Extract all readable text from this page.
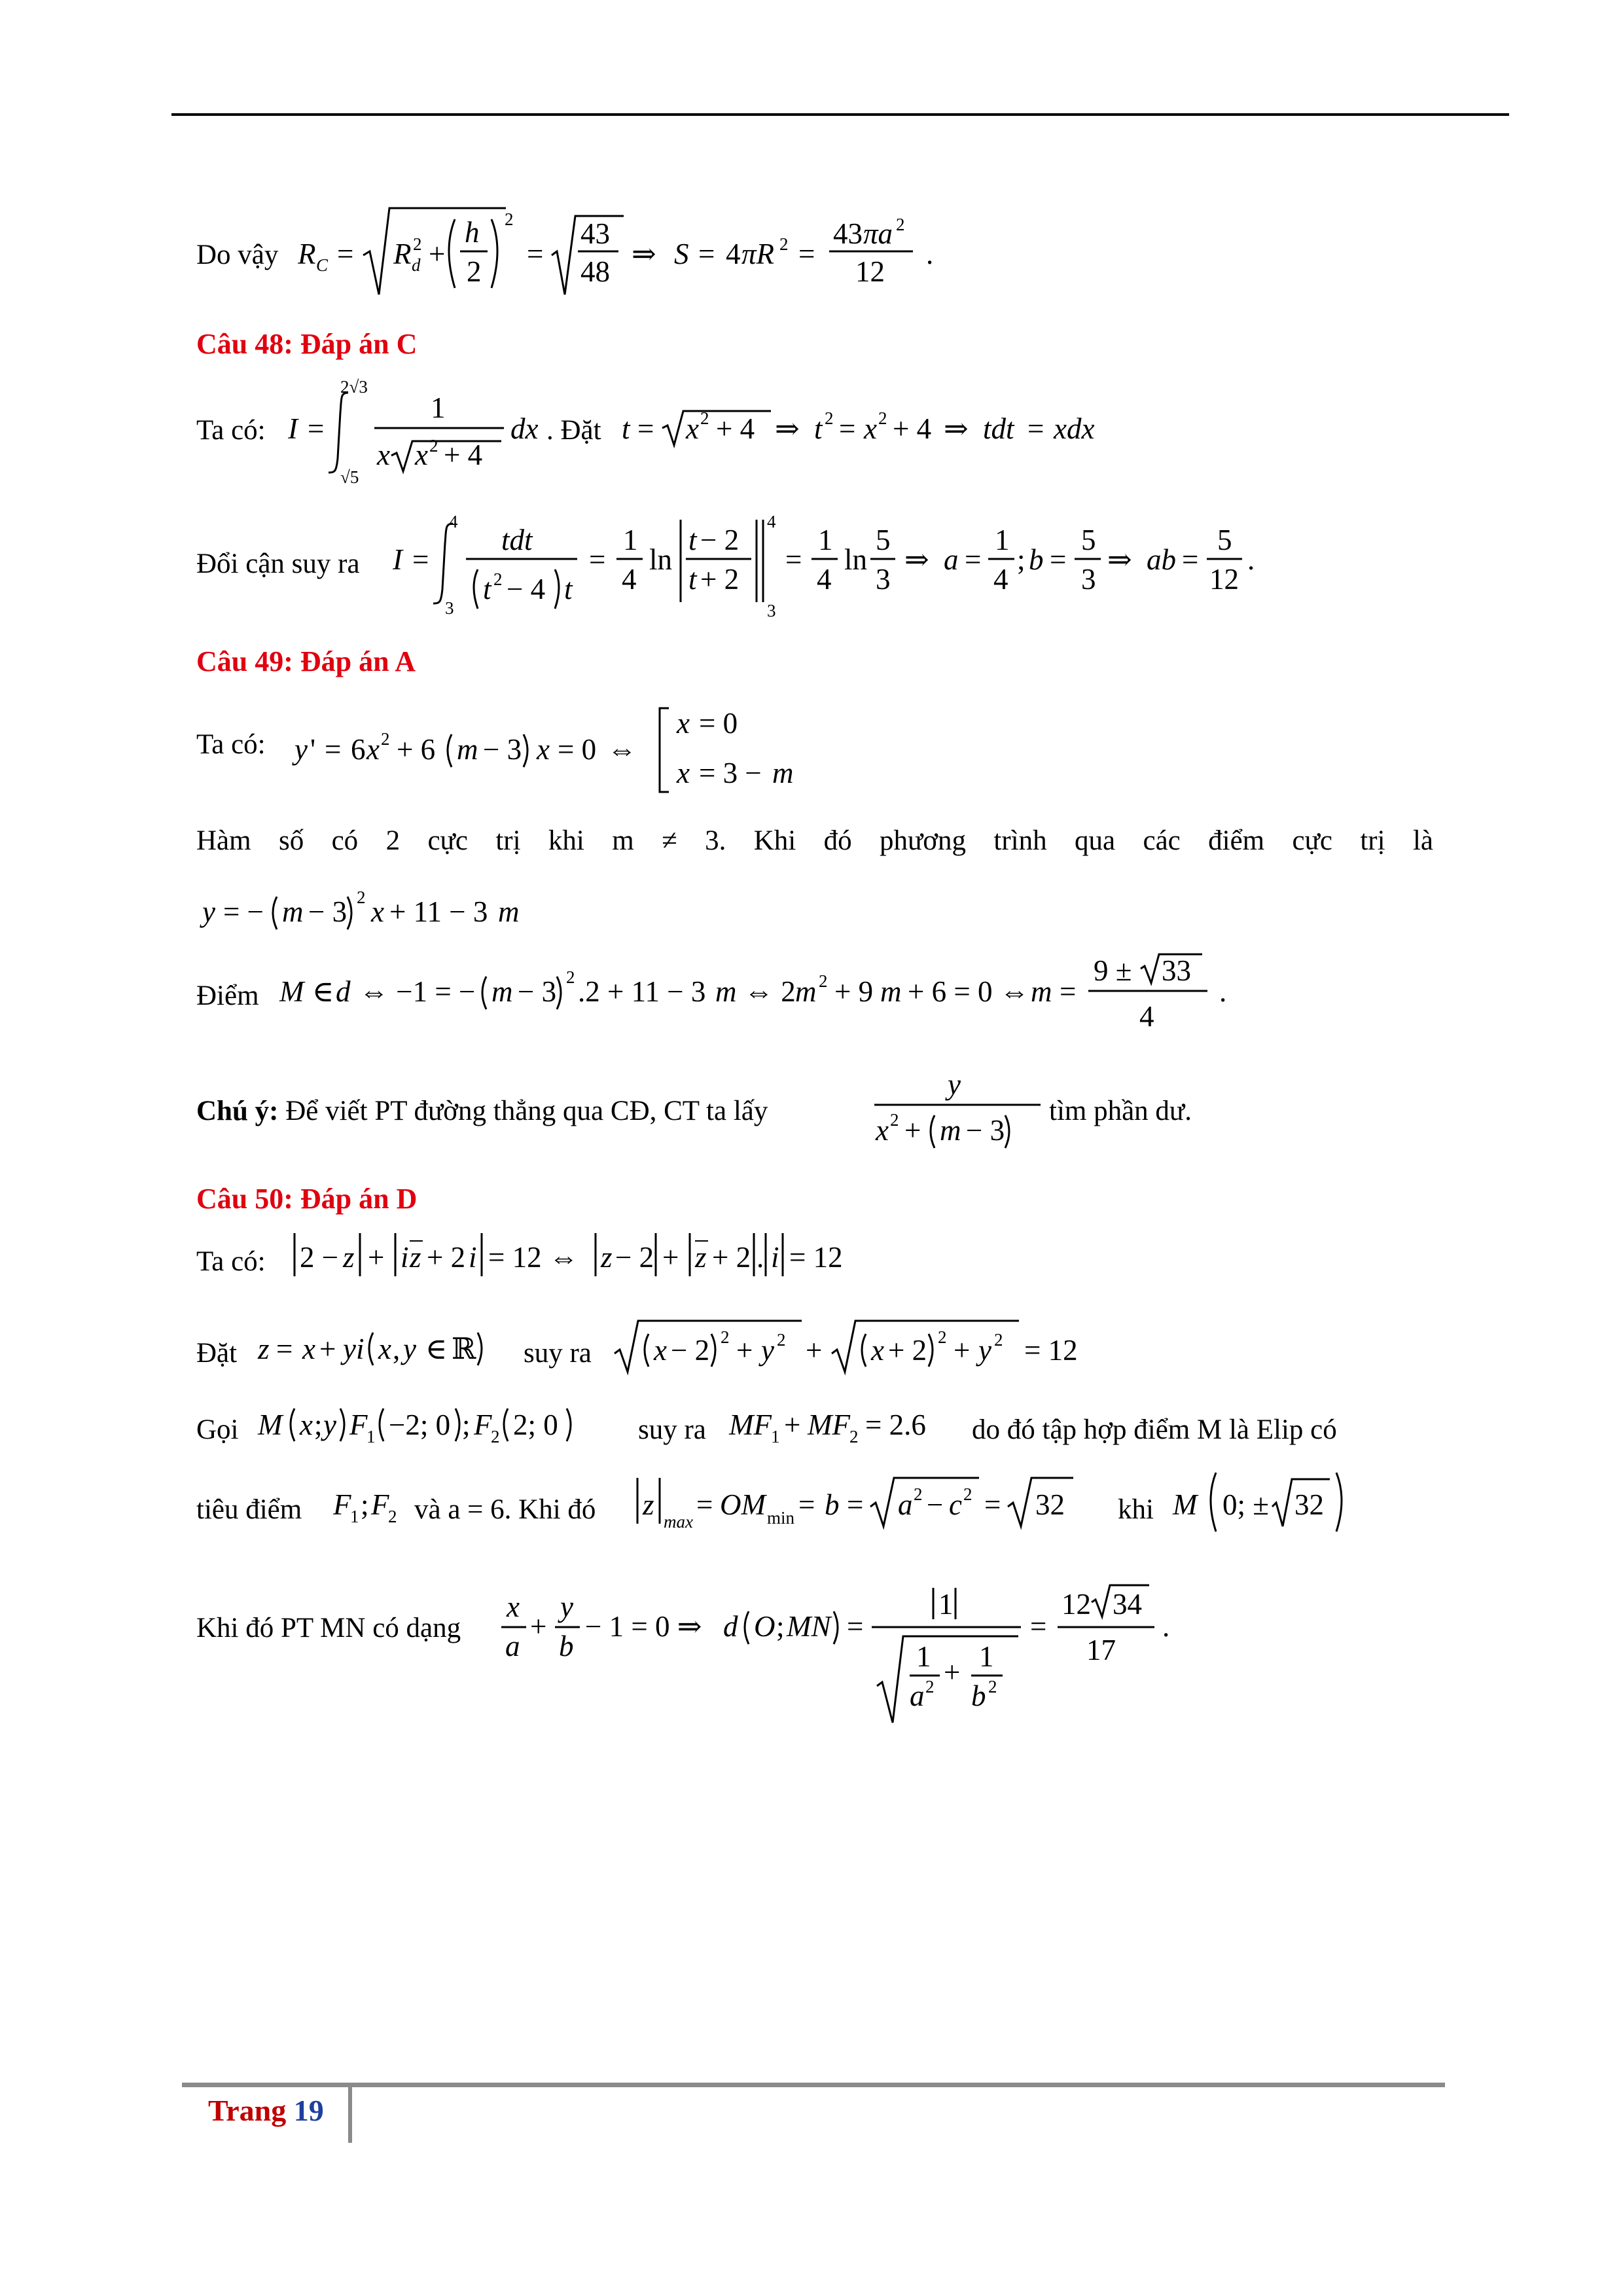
Do vậy R C = R 2
d +
h
2
2
=
43
48
⇒ S = 4 πR 2 =
43 πa 2
12
.
Câu 48: Đáp án C
Ta có: I =
2√3
√5
1
x x 2 + 4
dx . Đặt t = x 2 + 4 ⇒ t 2 = x 2 + 4 ⇒ tdt = xdx
Đổi cận suy ra I =
4
3
tdt
t 2 − 4 t
=
1
4
ln
t − 2
t + 2
4
3
=
1
4
ln
5
3
⇒ a =
1
4
; b =
5
3
⇒ ab =
5
12
.
Câu 49: Đáp án A
Ta có: y ' = 6 x 2 + 6 m − 3 x = 0 ⇔
x = 0
x = 3 − m
Hàm số có 2 cực trị khi m ≠ 3. Khi đó phương trình qua các điểm cực trị là
y = − m − 3 2 x + 11 − 3 m
Điểm M ∈ d ⇔ −1 = − m − 3 2 .2 + 11 − 3 m ⇔ 2 m 2 + 9 m + 6 = 0 ⇔ m =
9 ± 33
4
.
Chú ý: Để viết PT đường thẳng qua CĐ, CT ta lấy
y
x 2 + m − 3
tìm phần dư.
Câu 50: Đáp án D
Ta có: 2 − z + i z + 2 i = 12 ⇔ z − 2 + z + 2 . i = 12
Đặt z = x + yi x , y ∈ ℝ suy ra x − 2 2 + y 2 + x + 2 2 + y 2 = 12
Gọi M x ; y F
1 −2; 0 ; F
2 2; 0	suy ra MF 1 + MF 2 = 2.6 do đó tập hợp điểm M là Elip có
tiêu điểm F
1 ; F
2 và a = 6. Khi đó z
max
= OM min = b = a 2 − c 2 = 32 khi M 0; ± 32
Khi đó PT MN có dạng
x
a
+
y
b
− 1 = 0 ⇒ d O ; MN =
1
1
a 2 + 1
b 2
=
12 34
17
.
Trang 19
